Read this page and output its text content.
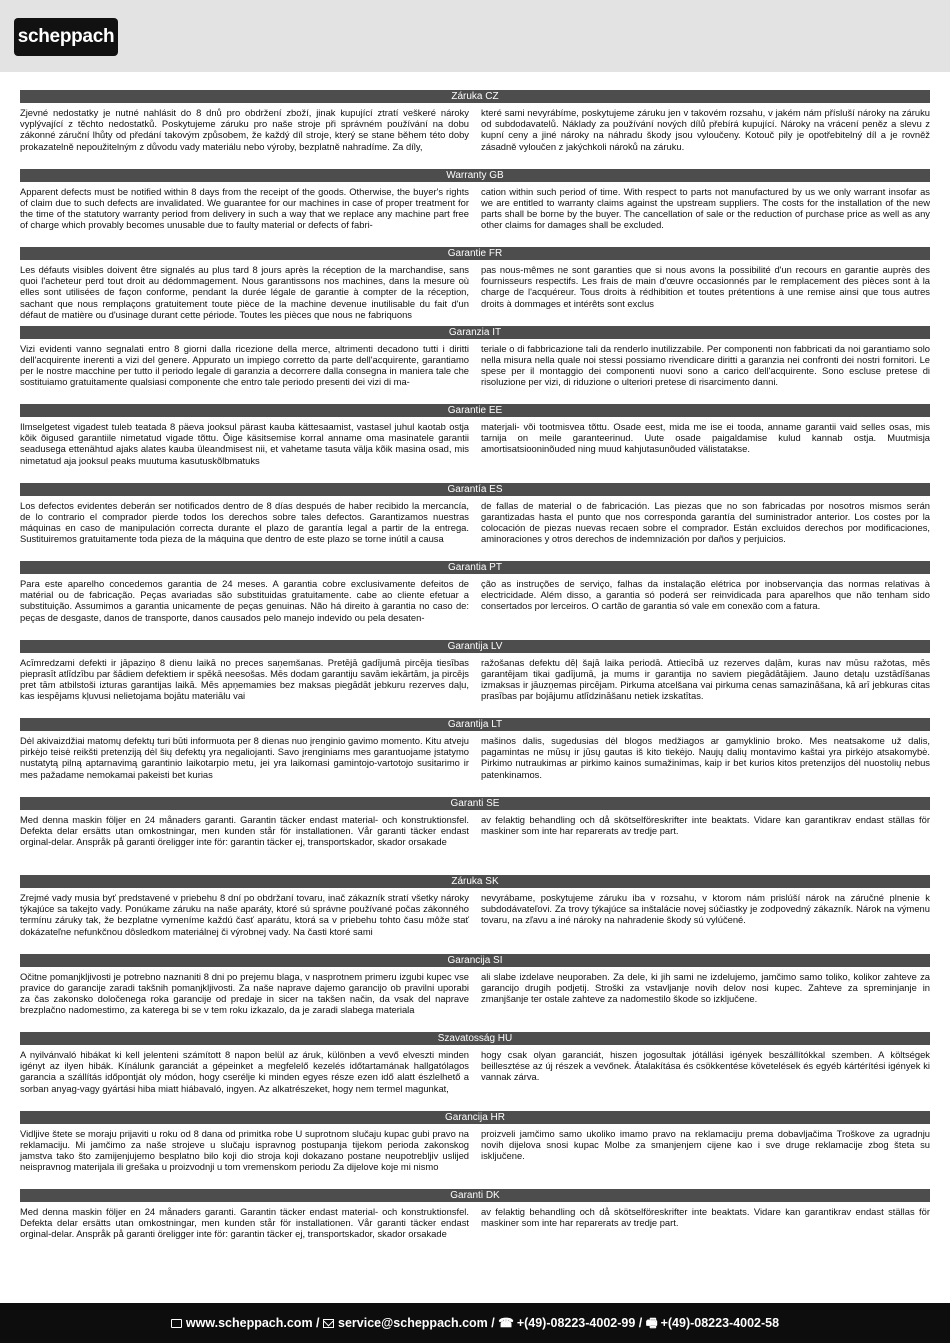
scheppach
Záruka CZ
Zjevné nedostatky je nutné nahlásit do 8 dnů pro obdržení zboží, jinak kupující ztratí veškeré nároky vyplývající z těchto nedostatků. Poskytujeme záruku pro naše stroje při správném používání na dobu zákonné záruční lhůty od předání takovým způsobem, že každý díl stroje, který se stane během této doby prokazatelně nepoužitelným z důvodu vady materiálu nebo výroby, bezplatně nahradíme. Za díly,
které sami nevyrábíme, poskytujeme záruku jen v takovém rozsahu, v jakém nám přísluší nároky na záruku od subdodavatelů. Náklady za používání nových dílů přebírá kupující. Nároky na vrácení peněz a slevu z kupní ceny a jiné nároky na náhradu škody jsou vyloučeny. Kotouč pily je opotřebitelný díl a je rovněž zásadně vyloučen z jakýchkoli nároků na záruku.
Warranty GB
Apparent defects must be notified within 8 days from the receipt of the goods. Otherwise, the buyer's rights of claim due to such defects are invalidated. We guarantee for our machines in case of proper treatment for the time of the statutory warranty period from delivery in such a way that we replace any machine part free of charge which provably becomes unusable due to faulty material or defects of fabri-
cation within such period of time. With respect to parts not manufactured by us we only warrant insofar as we are entitled to warranty claims against the upstream suppliers. The costs for the installation of the new parts shall be borne by the buyer. The cancellation of sale or the reduction of purchase price as well as any other claims for damages shall be excluded.
Garantie FR
Les défauts visibles doivent être signalés au plus tard 8 jours après la réception de la marchandise, sans quoi l'acheteur perd tout droit au dédommagement. Nous garantissons nos machines, dans la mesure où elles sont utilisées de façon conforme, pendant la durée légale de garantie à compter de la réception, sachant que nous remplaçons gratuitement toute pièce de la machine devenue inutilisable du fait d'un défaut de matière ou d'usinage durant cette période. Toutes les pièces que nous ne fabriquons
pas nous-mêmes ne sont garanties que si nous avons la possibilité d'un recours en garantie auprès des fournisseurs respectifs. Les frais de main d'œuvre occasionnés par le remplacement des pièces sont à la charge de l'acquéreur. Tous droits à rédhibition et toutes prétentions à une remise ainsi que tous autres droits à dommages et intérêts sont exclus
Garanzia IT
Vizi evidenti vanno segnalati entro 8 giorni dalla ricezione della merce, altrimenti decadono tutti i diritti dell'acquirente inerenti a vizi del genere. Appurato un impiego corretto da parte dell'acquirente, garantiamo per le nostre macchine per tutto il periodo legale di garanzia a decorrere dalla consegna in maniera tale che sostituiamo gratuitamente qualsiasi componente che entro tale periodo presenti dei vizi di ma-
teriale o di fabbricazione tali da renderlo inutilizzabile. Per componenti non fabbricati da noi garantiamo solo nella misura nella quale noi stessi possiamo rivendicare diritti a garanzia nei confronti dei nostri fornitori. Le spese per il montaggio dei componenti nuovi sono a carico dell'acquirente. Sono escluse pretese di risoluzione per vizi, di riduzione o ulteriori pretese di risarcimento danni.
Garantie EE
Ilmselgetest vigadest tuleb teatada 8 päeva jooksul pärast kauba kättesaamist, vastasel juhul kaotab ostja kõik õigused garantiile nimetatud vigade tõttu. Õige käsitsemise korral anname oma masinatele garantii seadusega ettenähtud ajaks alates kauba üleandmisest nii, et vahetame tasuta välja kõik masina osad, mis nimetatud aja jooksul peaks muutuma kasutuskõlbmatuks
materjali- või tootmisvea tõttu. Osade eest, mida me ise ei tooda, anname garantii vaid selles osas, mis tarnija on meile garanteerinud. Uute osade paigaldamise kulud kannab ostja. Muutmisja amortisatsiooninõuded ning muud kahjutasunõuded välistatakse.
Garantía ES
Los defectos evidentes deberán ser notificados dentro de 8 días después de haber recibido la mercancía, de lo contrario el comprador pierde todos los derechos sobre tales defectos. Garantizamos nuestras máquinas en caso de manipulación correcta durante el plazo de garantía legal a partir de la entrega. Sustituiremos gratuitamente toda pieza de la máquina que dentro de este plazo se torne inútil a causa
de fallas de material o de fabricación. Las piezas que no son fabricadas por nosotros mismos serán garantizadas hasta el punto que nos corresponda garantía del suministrador anterior. Los costes por la colocación de piezas nuevas recaen sobre el comprador. Están excluidos derechos por modificaciones, aminoraciones y otros derechos de indemnización por daños y perjuicios.
Garantia PT
Para este aparelho concedemos garantia de 24 meses. A garantia cobre exclusivamente defeitos de matérial ou de fabricação. Peças avariadas são substituidas gratuitamente. cabe ao cliente efetuar a substituição. Assumimos a garantia unicamente de peças genuinas. Não há direito à garantia no caso de: peças de desgaste, danos de transporte, danos causados pelo manejo indevido ou pela desaten-
ção as instruções de serviço, falhas da instalação elétrica por inobservançia das normas relativas à electricidade. Além disso, a garantia só poderá ser reinvidicada para aparelhos que não tenham sido consertados por lerceiros. O cartão de garantia só vale em conexão com a fatura.
Garantija LV
Acīmredzami defekti ir jāpaziņo 8 dienu laikā no preces saņemšanas. Pretējā gadījumā pircēja tiesības pieprasīt atlīdzību par šādiem defektiem ir spēkā neesošas. Mēs dodam garantiju savām iekārtām, ja pircējs pret tām atbilstoši izturas garantijas laikā. Mēs apņemamies bez maksas piegādāt jebkuru rezerves daļu, kas iespējams kļuvusi nelietojama bojātu materiālu vai
ražošanas defektu dēļ šajā laika periodā. Attiecībā uz rezerves daļām, kuras nav mūsu ražotas, mēs garantējam tikai gadījumā, ja mums ir garantija no saviem piegādātājiem. Jauno detaļu uzstādīšanas izmaksas ir jāuzņemas pircējam. Pirkuma atcelšana vai pirkuma cenas samazināšana, kā arī jebkuras citas prasības par bojājumu atlīdzināšanu netiek izskatītas.
Garantija LT
Dėl akivaizdžiai matomų defektų turi būti informuota per 8 dienas nuo įrenginio gavimo momento. Kitu atveju pirkėjo teisė reikšti pretenziją dėl šių defektų yra negaliojanti. Savo įrenginiams mes garantuojame įstatymo nustatytą pilną aptarnavimą garantinio laikotarpio metu, jei yra laikomasi gamintojo-vartotojo susitarimo ir mes pažadame nemokamai pakeisti bet kurias
mašinos dalis, sugedusias dėl blogos medžiagos ar gamyklinio broko. Mes neatsakome už dalis, pagamintas ne mūsų ir jūsų gautas iš kito tiekėjo. Naujų dalių montavimo kaštai yra pirkėjo atsakomybė. Pirkimo nutraukimas ar pirkimo kainos sumažinimas, kaip ir bet kurios kitos pretenzijos dėl nuostolių nebus patenkinamos.
Garanti SE
Med denna maskin följer en 24 månaders garanti. Garantin täcker endast material- och konstruktionsfel. Defekta delar ersätts utan omkostningar, men kunden står för installationen. Vår garanti täcker endast orginal-delar. Anspråk på garanti öreligger inte för: garantin täcker ej, transportskador, skador orsakade
av felaktig behandling och då skötselföreskrifter inte beaktats. Vidare kan garantikrav endast ställas för maskiner som inte har reparerats av tredje part.
Záruka SK
Zrejmé vady musia byť predstavené v priebehu 8 dní po obdržaní tovaru, inač zákazník stratí všetky nároky týkajúce sa takejto vady. Ponúkame záruku na naše aparáty, ktoré sú správne používané počas zákonného termínu záruky tak, že bezplatne vymeníme každú časť aparátu, ktorá sa v priebehu tohto času môže stať dokázateľne nefunkčnou dôsledkom materiálnej či výrobnej vady. Na časti ktoré sami
nevyrábame, poskytujeme záruku iba v rozsahu, v ktorom nám prislúší nárok na záručné plnenie k subdodávateľovi. Za trovy týkajúce sa inštalácie novej súčiastky je zodpovedný zákazník. Nárok na výmenu tovaru, na zľavu a iné nároky na nahradenie škody sú vylúčené.
Garancija SI
Očitne pomanjkljivosti je potrebno naznaniti 8 dni po prejemu blaga, v nasprotnem primeru izgubi kupec vse pravice do garancije zaradi takšnih pomanjkljivosti. Za naše naprave dajemo garancijo ob pravilni uporabi za čas zakonsko določenega roka garancije od predaje in sicer na takšen način, da vsak del naprave brezplačno nadomestimo, za katerega bi se v tem roku izkazalo, da je zaradi slabega materiala
ali slabe izdelave neuporaben. Za dele, ki jih sami ne izdelujemo, jamčimo samo toliko, kolikor zahteve za garancijo drugih podjetij. Stroški za vstavljanje novih delov nosi kupec. Zahteve za spreminjanje in zmanjšanje ter ostale zahteve za nadomestilo škode so izključene.
Szavatosság HU
A nyilvánvaló hibákat ki kell jelenteni számított 8 napon belül az áruk, különben a vevő elveszti minden igényt az ilyen hibák. Kínálunk garanciát a gépeinket a megfelelő kezelés időtartamának hallgatólagos garancia a szállítás időpontját oly módon, hogy cserélje ki minden egyes része ezen idő alatt észlelhető a sorban anyag-vagy gyártási hiba miatt hiábavaló, ingyen. Az alkatrészeket, hogy nem termel magunkat,
hogy csak olyan garanciát, hiszen jogosultak jótállási igények beszállítókkal szemben. A költségek beillesztése az új részek a vevőnek. Átalakítása és csökkentése követelések és egyéb kártérítési igények ki vannak zárva.
Garancija HR
Vidljive štete se moraju prijaviti u roku od 8 dana od primitka robe U suprotnom slučaju kupac gubi pravo na reklamaciju. Mi jamčimo za naše strojeve u slučaju ispravnog postupanja tijekom perioda zakonskog jamstva tako što zamijenjujemo besplatno bilo koji dio stroja koji dokazano postane neupotrebljiv uslijed neispravnog materijala ili grešaka u proizvodnji u tom vremenskom periodu Za dijelove koje mi nismo
proizveli jamčimo samo ukoliko imamo pravo na reklamaciju prema dobavljačima Troškove za ugradnju novih dijelova snosi kupac Molbe za smanjenjem cijene kao i sve druge reklamacije zbog šteta su isključene.
Garanti DK
Med denna maskin följer en 24 månaders garanti. Garantin täcker endast material- och konstruktionsfel. Defekta delar ersätts utan omkostningar, men kunden står för installationen. Vår garanti täcker endast orginal-delar. Anspråk på garanti öreligger inte för: garantin täcker ej, transportskador, skador orsakade
av felaktig behandling och då skötselföreskrifter inte beaktats. Vidare kan garantikrav endast ställas för maskiner som inte har reparerats av tredje part.
www.scheppach.com / service@scheppach.com / ☎ +(49)-08223-4002-99 / 🖷 +(49)-08223-4002-58
